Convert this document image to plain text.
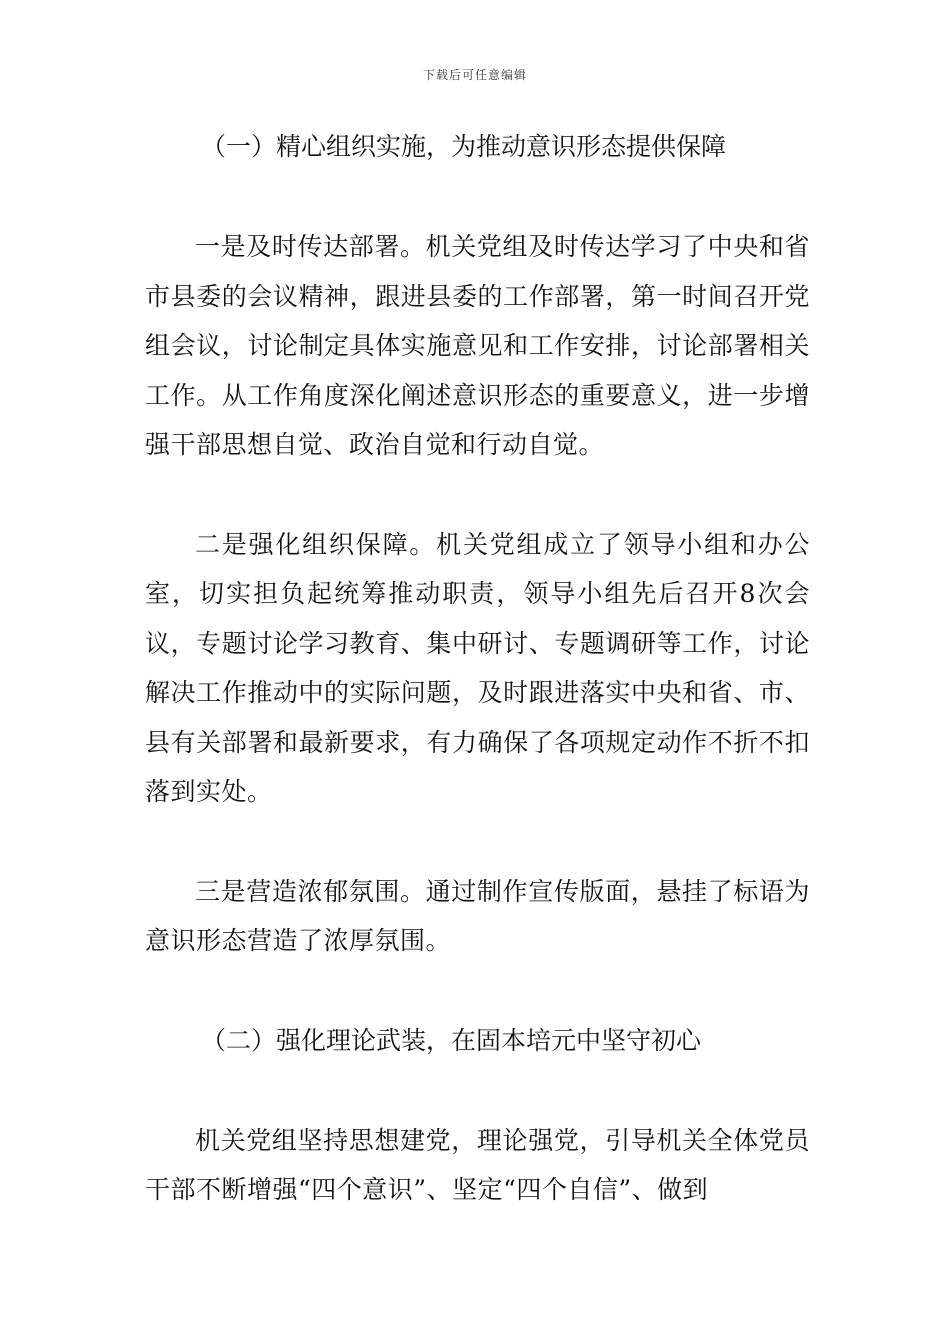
下载后可任意编辑
（一）精心组织实施，为推动意识形态提供保障

一是及时传达部署。机关党组及时传达学习了中央和省市县委的会议精神，跟进县委的工作部署，第一时间召开党组会议，讨论制定具体实施意见和工作安排，讨论部署相关工作。从工作角度深化阐述意识形态的重要意义，进一步增强干部思想自觉、政治自觉和行动自觉。

二是强化组织保障。机关党组成立了领导小组和办公室，切实担负起统筹推动职责，领导小组先后召开8次会议，专题讨论学习教育、集中研讨、专题调研等工作，讨论解决工作推动中的实际问题，及时跟进落实中央和省、市、县有关部署和最新要求，有力确保了各项规定动作不折不扣落到实处。

三是营造浓郁氛围。通过制作宣传版面，悬挂了标语为意识形态营造了浓厚氛围。

（二）强化理论武装，在固本培元中坚守初心

机关党组坚持思想建党，理论强党，引导机关全体党员干部不断增强“四个意识”、坚定“四个自信”、做到
